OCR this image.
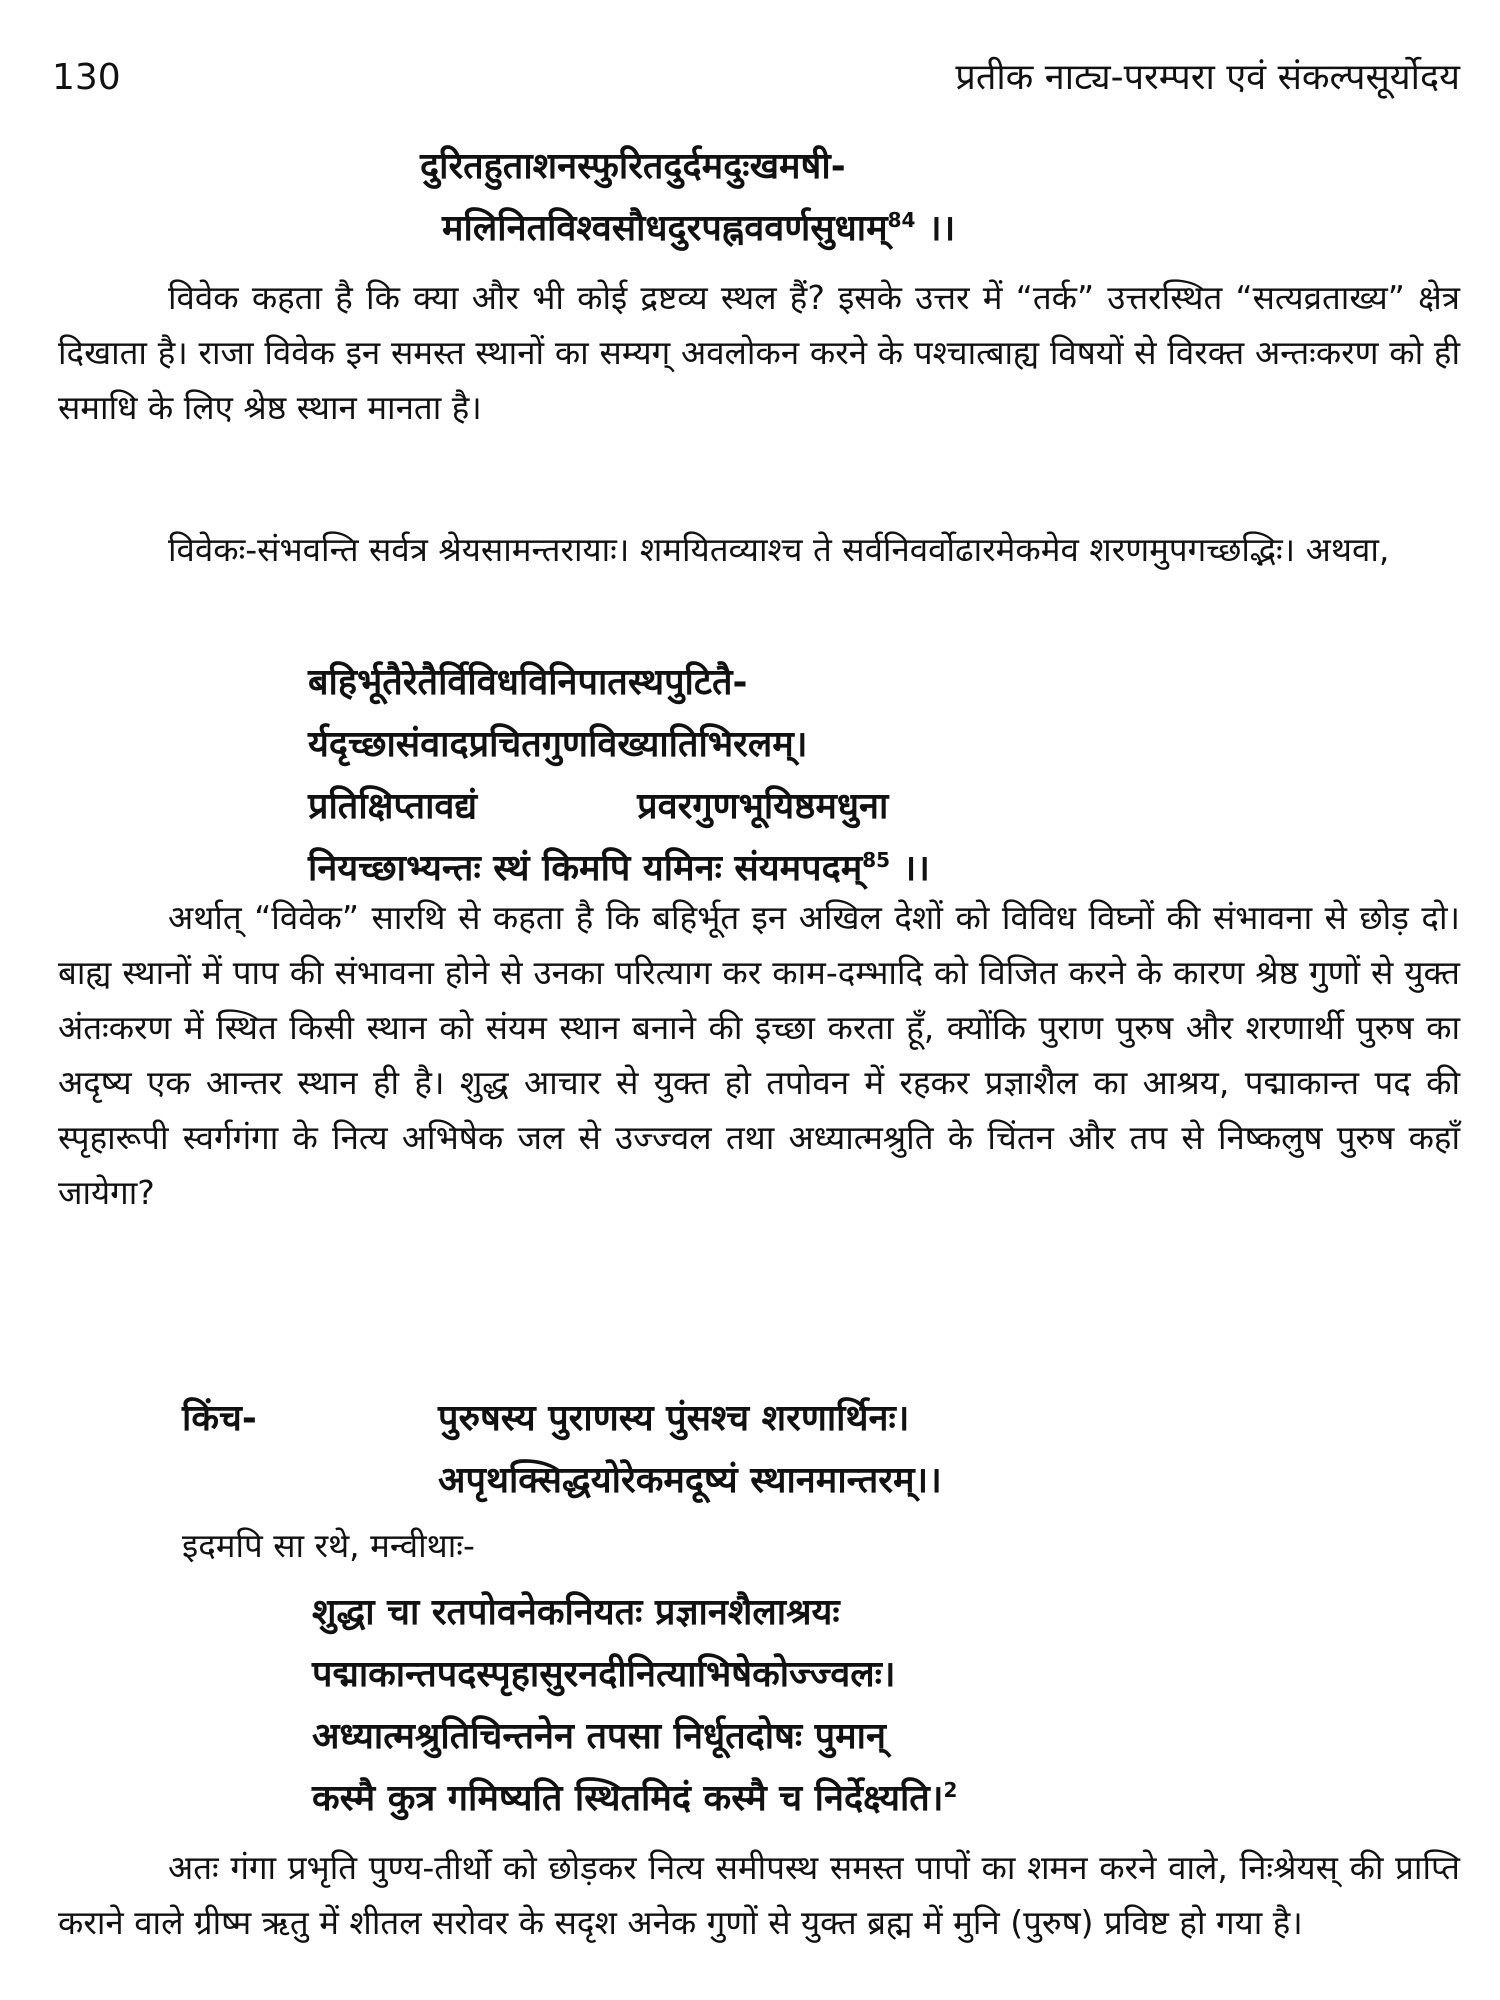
130	प्रतीक नाट्य-परम्परा एवं संकल्पसूर्योदय
दुरितहुताशनस्फुरितदुर्दमदुःखमषी-
मलिनितविश्वसौधदुरपह्नववर्णसुधाम्$^{84}$ ।।
विवेक कहता है कि क्या और भी कोई द्रष्टव्य स्थल हैं? इसके उत्तर में “तर्क” उत्तरस्थित “सत्यव्रताख्य” क्षेत्र दिखाता है। राजा विवेक इन समस्त स्थानों का सम्यग् अवलोकन करने के पश्चात्बाह्य विषयों से विरक्त अन्तःकरण को ही समाधि के लिए श्रेष्ठ स्थान मानता है।
विवेकः-संभवन्ति सर्वत्र श्रेयसामन्तरायाः। शमयितव्याश्च ते सर्वनिवर्वोढारमेकमेव शरणमुपगच्छद्भिः। अथवा,
बहिर्भूतैरेतैर्विविधविनिपातस्थपुटितै-
र्यदृच्छासंवादप्रचितगुणविख्यातिभिरलम्।
प्रतिक्षिप्तावद्यं	प्रवरगुणभूयिष्ठमधुना
नियच्छाभ्यन्तः स्थं किमपि यमिनः संयमपदम्$^{85}$ ।।
अर्थात् “विवेक” सारथि से कहता है कि बहिर्भूत इन अखिल देशों को विविध विघ्नों की संभावना से छोड़ दो। बाह्य स्थानों में पाप की संभावना होने से उनका परित्याग कर काम-दम्भादि को विजित करने के कारण श्रेष्ठ गुणों से युक्त अंतःकरण में स्थित किसी स्थान को संयम स्थान बनाने की इच्छा करता हूँ, क्योंकि पुराण पुरुष और शरणार्थी पुरुष का अदृष्य एक आन्तर स्थान ही है। शुद्ध आचार से युक्त हो तपोवन में रहकर प्रज्ञाशैल का आश्रय, पद्माकान्त पद की स्पृहारूपी स्वर्गगंगा के नित्य अभिषेक जल से उज्ज्वल तथा अध्यात्मश्रुति के चिंतन और तप से निष्कलुष पुरुष कहाँ जायेगा?
किंच-	पुरुषस्य पुराणस्य पुंसश्च शरणार्थिनः।
अपृथक्सिद्धयोरेकमदूष्यं स्थानमान्तरम्।।
इदमपि सा रथे, मन्वीथाः-
शुद्धा चा रतपोवनेकनियतः प्रज्ञानशैलाश्रयः
पद्माकान्तपदस्पृहासुरनदीनित्याभिषेकोज्ज्वलः।
अध्यात्मश्रुतिचिन्तनेन तपसा निर्धूतदोषः पुमान्
कस्मै कुत्र गमिष्यति स्थितमिदं कस्मै च निर्देक्ष्यति।$^2$
अतः गंगा प्रभृति पुण्य-तीर्थो को छोड़कर नित्य समीपस्थ समस्त पापों का शमन करने वाले, निःश्रेयस् की प्राप्ति कराने वाले ग्रीष्म ऋतु में शीतल सरोवर के सदृश अनेक गुणों से युक्त ब्रह्म में मुनि (पुरुष) प्रविष्ट हो गया है।
